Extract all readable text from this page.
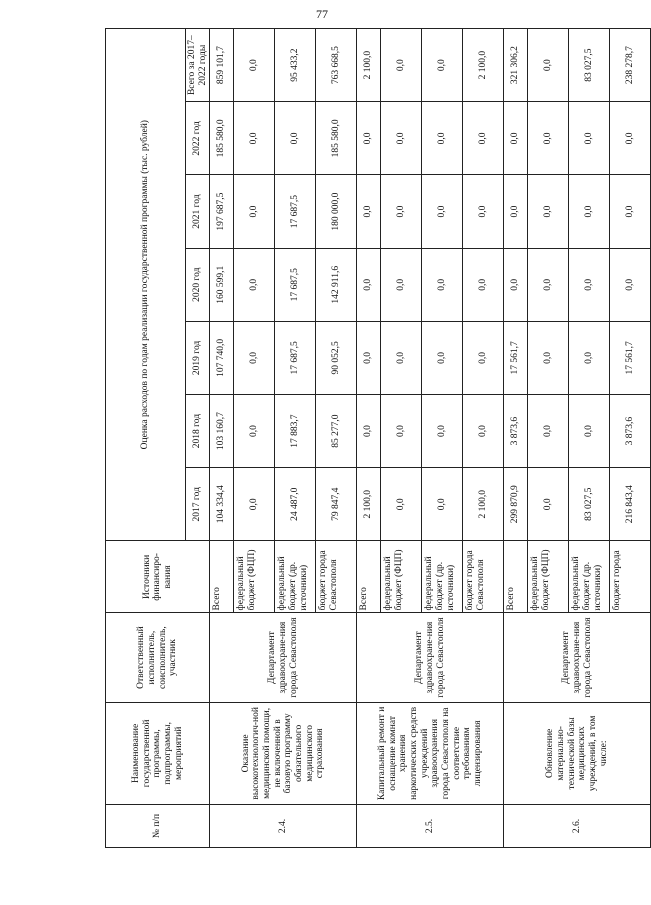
77
№ п/п	Наименование государственной программы, подпрограммы, мероприятий	Ответственный исполнитель, соисполнитель, участник	Источники финансиро-вания	Оценка расходов по годам реализации государственной программы (тыс. рублей)						
				2017 год	2018 год	2019 год	2020 год	2021 год	2022 год	Всего за 2017–2022 годы
2.4.	Оказание высокотехнологич-ной медицинской помощи, не включенной в базовую программу обязательного медицинского страхования	Департамент здравоохране-ния города Севастополя	Всего	104 334,4	103 160,7	107 740,0	160 599,1	197 687,5	185 580,0	859 101,7
			федеральный бюджет (ФЦП)	0,0	0,0	0,0	0,0	0,0	0,0	0,0
			федеральный бюджет (др. источники)	24 487,0	17 883,7	17 687,5	17 687,5	17 687,5	0,0	95 433,2
			бюджет города Севастополя	79 847,4	85 277,0	90 052,5	142 911,6	180 000,0	185 580,0	763 668,5
2.5.	Капитальный ремонт и оснащение комнат хранения наркотических средств учреждений здравоохранения города Севастополя на соответствие требованиям лицензирования	Департамент здравоохране-ния города Севастополя	Всего	2 100,0	0,0	0,0	0,0	0,0	0,0	2 100,0
			федеральный бюджет (ФЦП)	0,0	0,0	0,0	0,0	0,0	0,0	0,0
			федеральный бюджет (др. источники)	0,0	0,0	0,0	0,0	0,0	0,0	0,0
			бюджет города Севастополя	2 100,0	0,0	0,0	0,0	0,0	0,0	2 100,0
2.6.	Обновление материально-технической базы медицинских учреждений, в том числе:	Департамент здравоохране-ния города Севастополя	Всего	299 870,9	3 873,6	17 561,7	0,0	0,0	0,0	321 306,2
			федеральный бюджет (ФЦП)	0,0	0,0	0,0	0,0	0,0	0,0	0,0
			федеральный бюджет (др. источники)	83 027,5	0,0	0,0	0,0	0,0	0,0	83 027,5
			бюджет города	216 843,4	3 873,6	17 561,7	0,0	0,0	0,0	238 278,7
